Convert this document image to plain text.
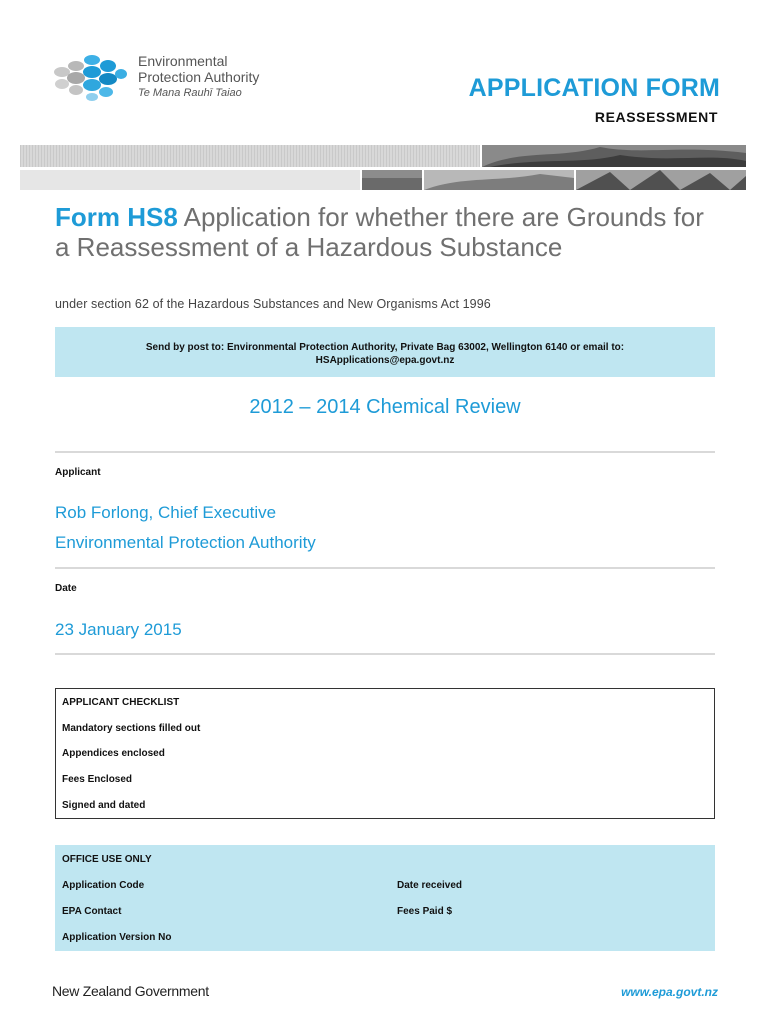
Environmental
Protection Authority
Te Mana Rauhī Taiao	APPLICATION FORM
REASSESSMENT
Form HS8 Application for whether there are Grounds for a Reassessment of a Hazardous Substance
under section 62 of the Hazardous Substances and New Organisms Act 1996
Send by post to: Environmental Protection Authority, Private Bag 63002, Wellington 6140 or email to:
HSApplications@epa.govt.nz
2012 – 2014 Chemical Review
Applicant
Rob Forlong, Chief Executive
Environmental Protection Authority
Date
23 January 2015
APPLICANT CHECKLIST
Mandatory sections filled out
Appendices enclosed
Fees Enclosed
Signed and dated
OFFICE USE ONLY
Application Code	Date received
EPA Contact	Fees Paid $
Application Version No
New Zealand Government	www.epa.govt.nz
